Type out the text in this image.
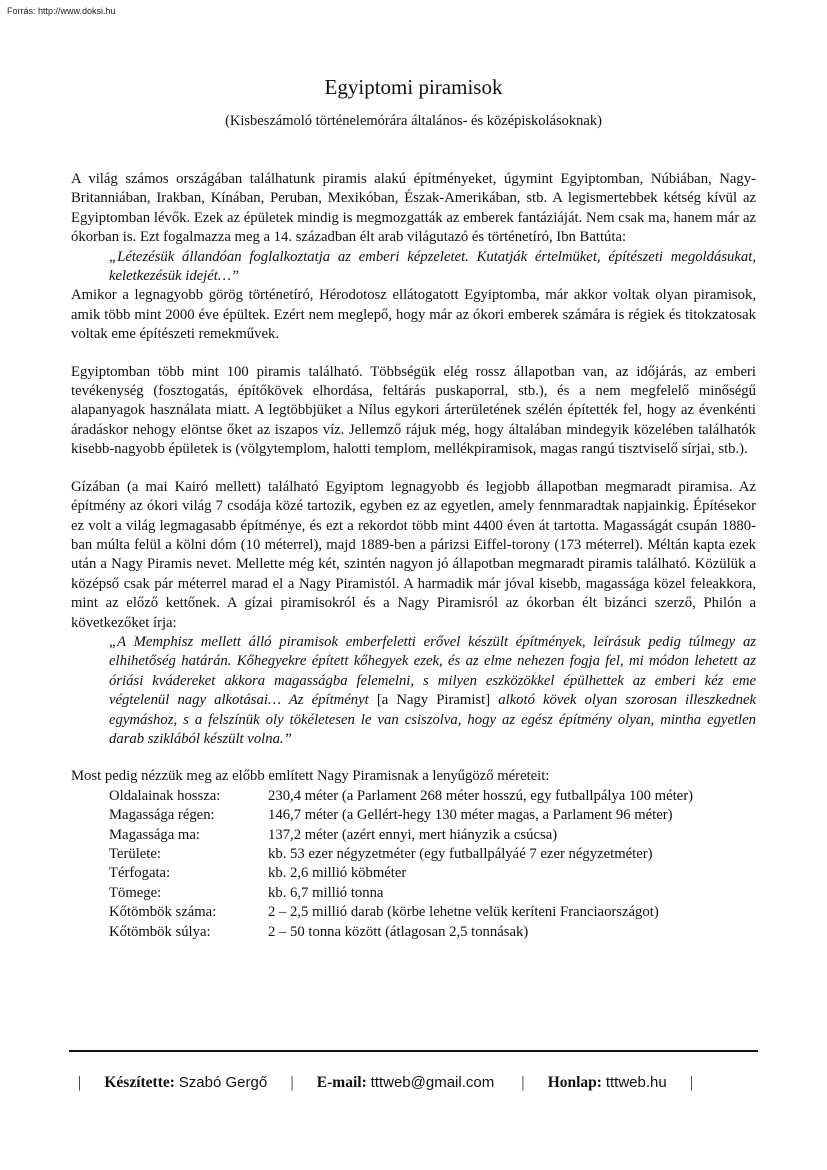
Forrás: http://www.doksi.hu
Egyiptomi piramisok
(Kisbeszámoló történelemórára általános- és középiskolásoknak)

A világ számos országában találhatunk piramis alakú építményeket, úgymint Egyiptomban, Núbiában, Nagy-Britanniában, Irakban, Kínában, Peruban, Mexikóban, Észak-Amerikában, stb. A legismertebbek kétség kívül az Egyiptomban lévők. Ezek az épületek mindig is megmozgatták az emberek fantáziáját. Nem csak ma, hanem már az ókorban is. Ezt fogalmazza meg a 14. században élt arab világutazó és történetíró, Ibn Battúta:

„Létezésük állandóan foglalkoztatja az emberi képzeletet. Kutatják értelmüket, építészeti megoldásukat, keletkezésük idejét…”

Amikor a legnagyobb görög történetíró, Hérodotosz ellátogatott Egyiptomba, már akkor voltak olyan piramisok, amik több mint 2000 éve épültek. Ezért nem meglepő, hogy már az ókori emberek számára is régiek és titokzatosak voltak eme építészeti remekművek.

Egyiptomban több mint 100 piramis található. Többségük elég rossz állapotban van, az időjárás, az emberi tevékenység (fosztogatás, építőkövek elhordása, feltárás puskaporral, stb.), és a nem megfelelő minőségű alapanyagok használata miatt. A legtöbbjüket a Nílus egykori árterületének szélén építették fel, hogy az évenkénti áradáskor nehogy elöntse őket az iszapos víz. Jellemző rájuk még, hogy általában mindegyik közelében találhatók kisebb-nagyobb épületek is (völgytemplom, halotti templom, mellékpiramisok, magas rangú tisztviselő sírjai, stb.).

Gízában (a mai Kairó mellett) található Egyiptom legnagyobb és legjobb állapotban megmaradt piramisa. Az építmény az ókori világ 7 csodája közé tartozik, egyben ez az egyetlen, amely fennmaradtak napjainkig. Építésekor ez volt a világ legmagasabb építménye, és ezt a rekordot több mint 4400 éven át tartotta. Magasságát csupán 1880-ban múlta felül a kölni dóm (10 méterrel), majd 1889-ben a párizsi Eiffel-torony (173 méterrel). Méltán kapta ezek után a Nagy Piramis nevet. Mellette még két, szintén nagyon jó állapotban megmaradt piramis található. Közülük a középső csak pár méterrel marad el a Nagy Piramistól. A harmadik már jóval kisebb, magassága közel feleakkora, mint az előző kettőnek. A gízai piramisokról és a Nagy Piramisról az ókorban élt bizánci szerző, Philón a következőket írja:

„A Memphisz mellett álló piramisok emberfeletti erővel készült építmények, leírásuk pedig túlmegy az elhihetőség határán. Kőhegyekre épített kőhegyek ezek, és az elme nehezen fogja fel, mi módon lehetett az óriási kvádereket akkora magasságba felemelni, s milyen eszközökkel épülhettek az emberi kéz eme végtelenül nagy alkotásai… Az építményt [a Nagy Piramist] alkotó kövek olyan szorosan illeszkednek egymáshoz, s a felszínük oly tökéletesen le van csiszolva, hogy az egész építmény olyan, mintha egyetlen darab sziklából készült volna.”

Most pedig nézzük meg az előbb említett Nagy Piramisnak a lenyűgöző méreteit:

Oldalainak hossza:	230,4 méter (a Parlament 268 méter hosszú, egy futballpálya 100 méter)
Magassága régen:	146,7 méter (a Gellért-hegy 130 méter magas, a Parlament 96 méter)
Magassága ma:	137,2 méter (azért ennyi, mert hiányzik a csúcsa)
Területe:	kb. 53 ezer négyzetméter (egy futballpályáé 7 ezer négyzetméter)
Térfogata:	kb. 2,6 millió köbméter
Tömege:	kb. 6,7 millió tonna
Kőtömbök száma:	2 – 2,5 millió darab (körbe lehetne velük keríteni Franciaországot)
Kőtömbök súlya:	2 – 50 tonna között (átlagosan 2,5 tonnásak)
| Készítette: Szabó Gergő | E-mail: tttweb@gmail.com | Honlap: tttweb.hu |
